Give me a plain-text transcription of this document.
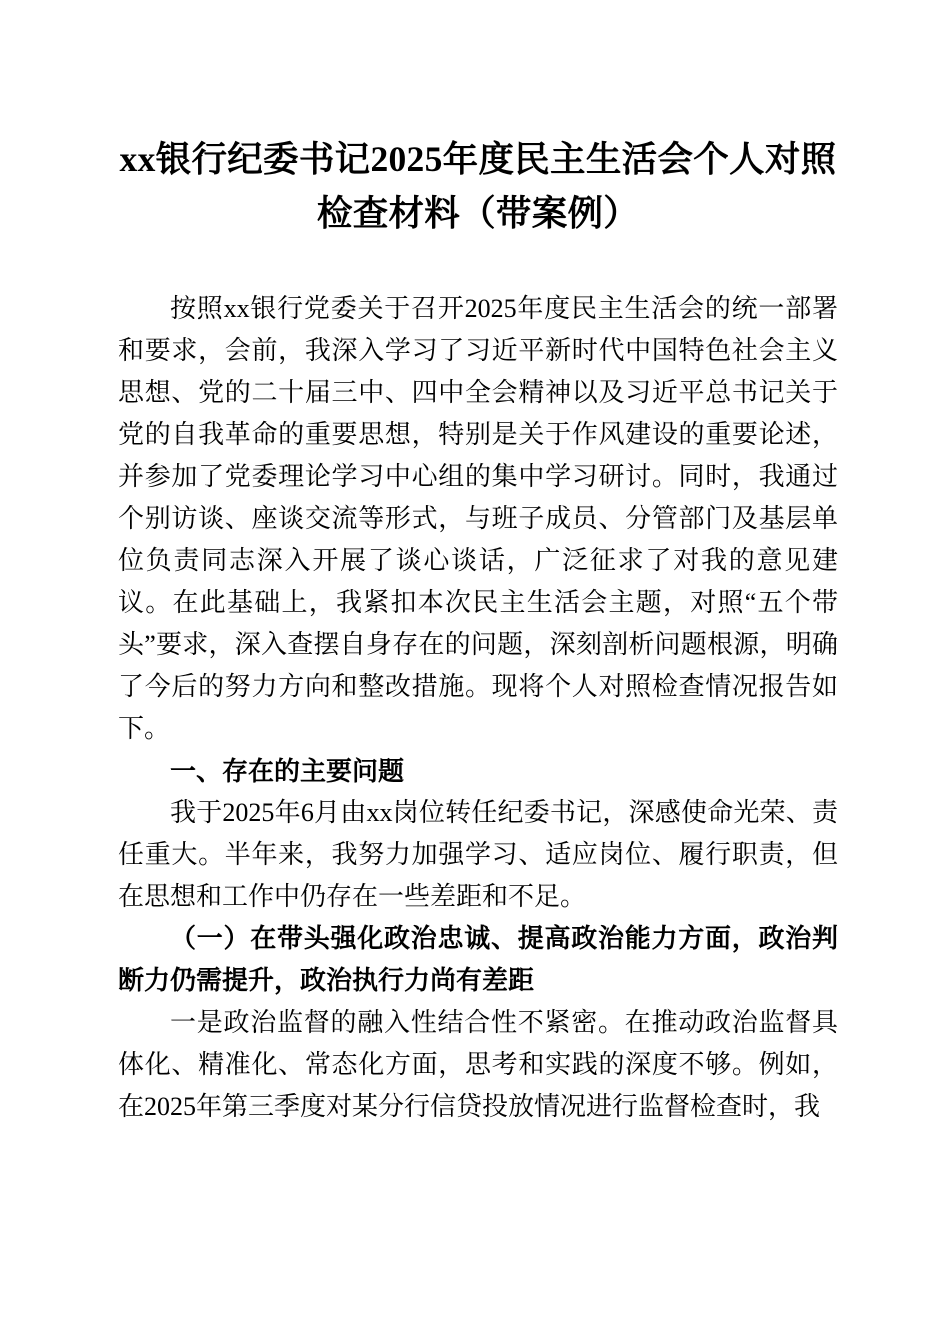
xx银行纪委书记2025年度民主生活会个人对照检查材料（带案例）

按照xx银行党委关于召开2025年度民主生活会的统一部署和要求，会前，我深入学习了习近平新时代中国特色社会主义思想、党的二十届三中、四中全会精神以及习近平总书记关于党的自我革命的重要思想，特别是关于作风建设的重要论述，并参加了党委理论学习中心组的集中学习研讨。同时，我通过个别访谈、座谈交流等形式，与班子成员、分管部门及基层单位负责同志深入开展了谈心谈话，广泛征求了对我的意见建议。在此基础上，我紧扣本次民主生活会主题，对照“五个带头”要求，深入查摆自身存在的问题，深刻剖析问题根源，明确了今后的努力方向和整改措施。现将个人对照检查情况报告如下。

一、存在的主要问题

我于2025年6月由xx岗位转任纪委书记，深感使命光荣、责任重大。半年来，我努力加强学习、适应岗位、履行职责，但在思想和工作中仍存在一些差距和不足。

（一）在带头强化政治忠诚、提高政治能力方面，政治判断力仍需提升，政治执行力尚有差距

一是政治监督的融入性结合性不紧密。在推动政治监督具体化、精准化、常态化方面，思考和实践的深度不够。例如，在2025年第三季度对某分行信贷投放情况进行监督检查时，我
